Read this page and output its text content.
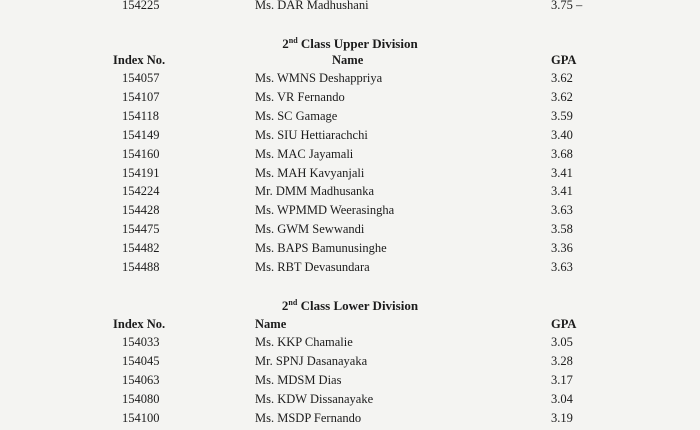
154225	Ms. DAR Madhushani	3.75 –
2nd Class Upper Division
Index No.	Name	GPA
154057	Ms. WMNS Deshappriya	3.62
154107	Ms. VR Fernando	3.62
154118	Ms. SC Gamage	3.59
154149	Ms. SIU Hettiarachchi	3.40
154160	Ms. MAC Jayamali	3.68
154191	Ms. MAH Kavyanjali	3.41
154224	Mr. DMM Madhusanka	3.41
154428	Ms. WPMMD Weerasingha	3.63
154475	Ms. GWM Sewwandi	3.58
154482	Ms. BAPS Bamunusinghe	3.36
154488	Ms. RBT Devasundara	3.63
2nd Class Lower Division
Index No.	Name	GPA
154033	Ms. KKP Chamalie	3.05
154045	Mr. SPNJ Dasanayaka	3.28
154063	Ms. MDSM Dias	3.17
154080	Ms. KDW Dissanayake	3.04
154100	Ms. MSDP Fernando	3.19
